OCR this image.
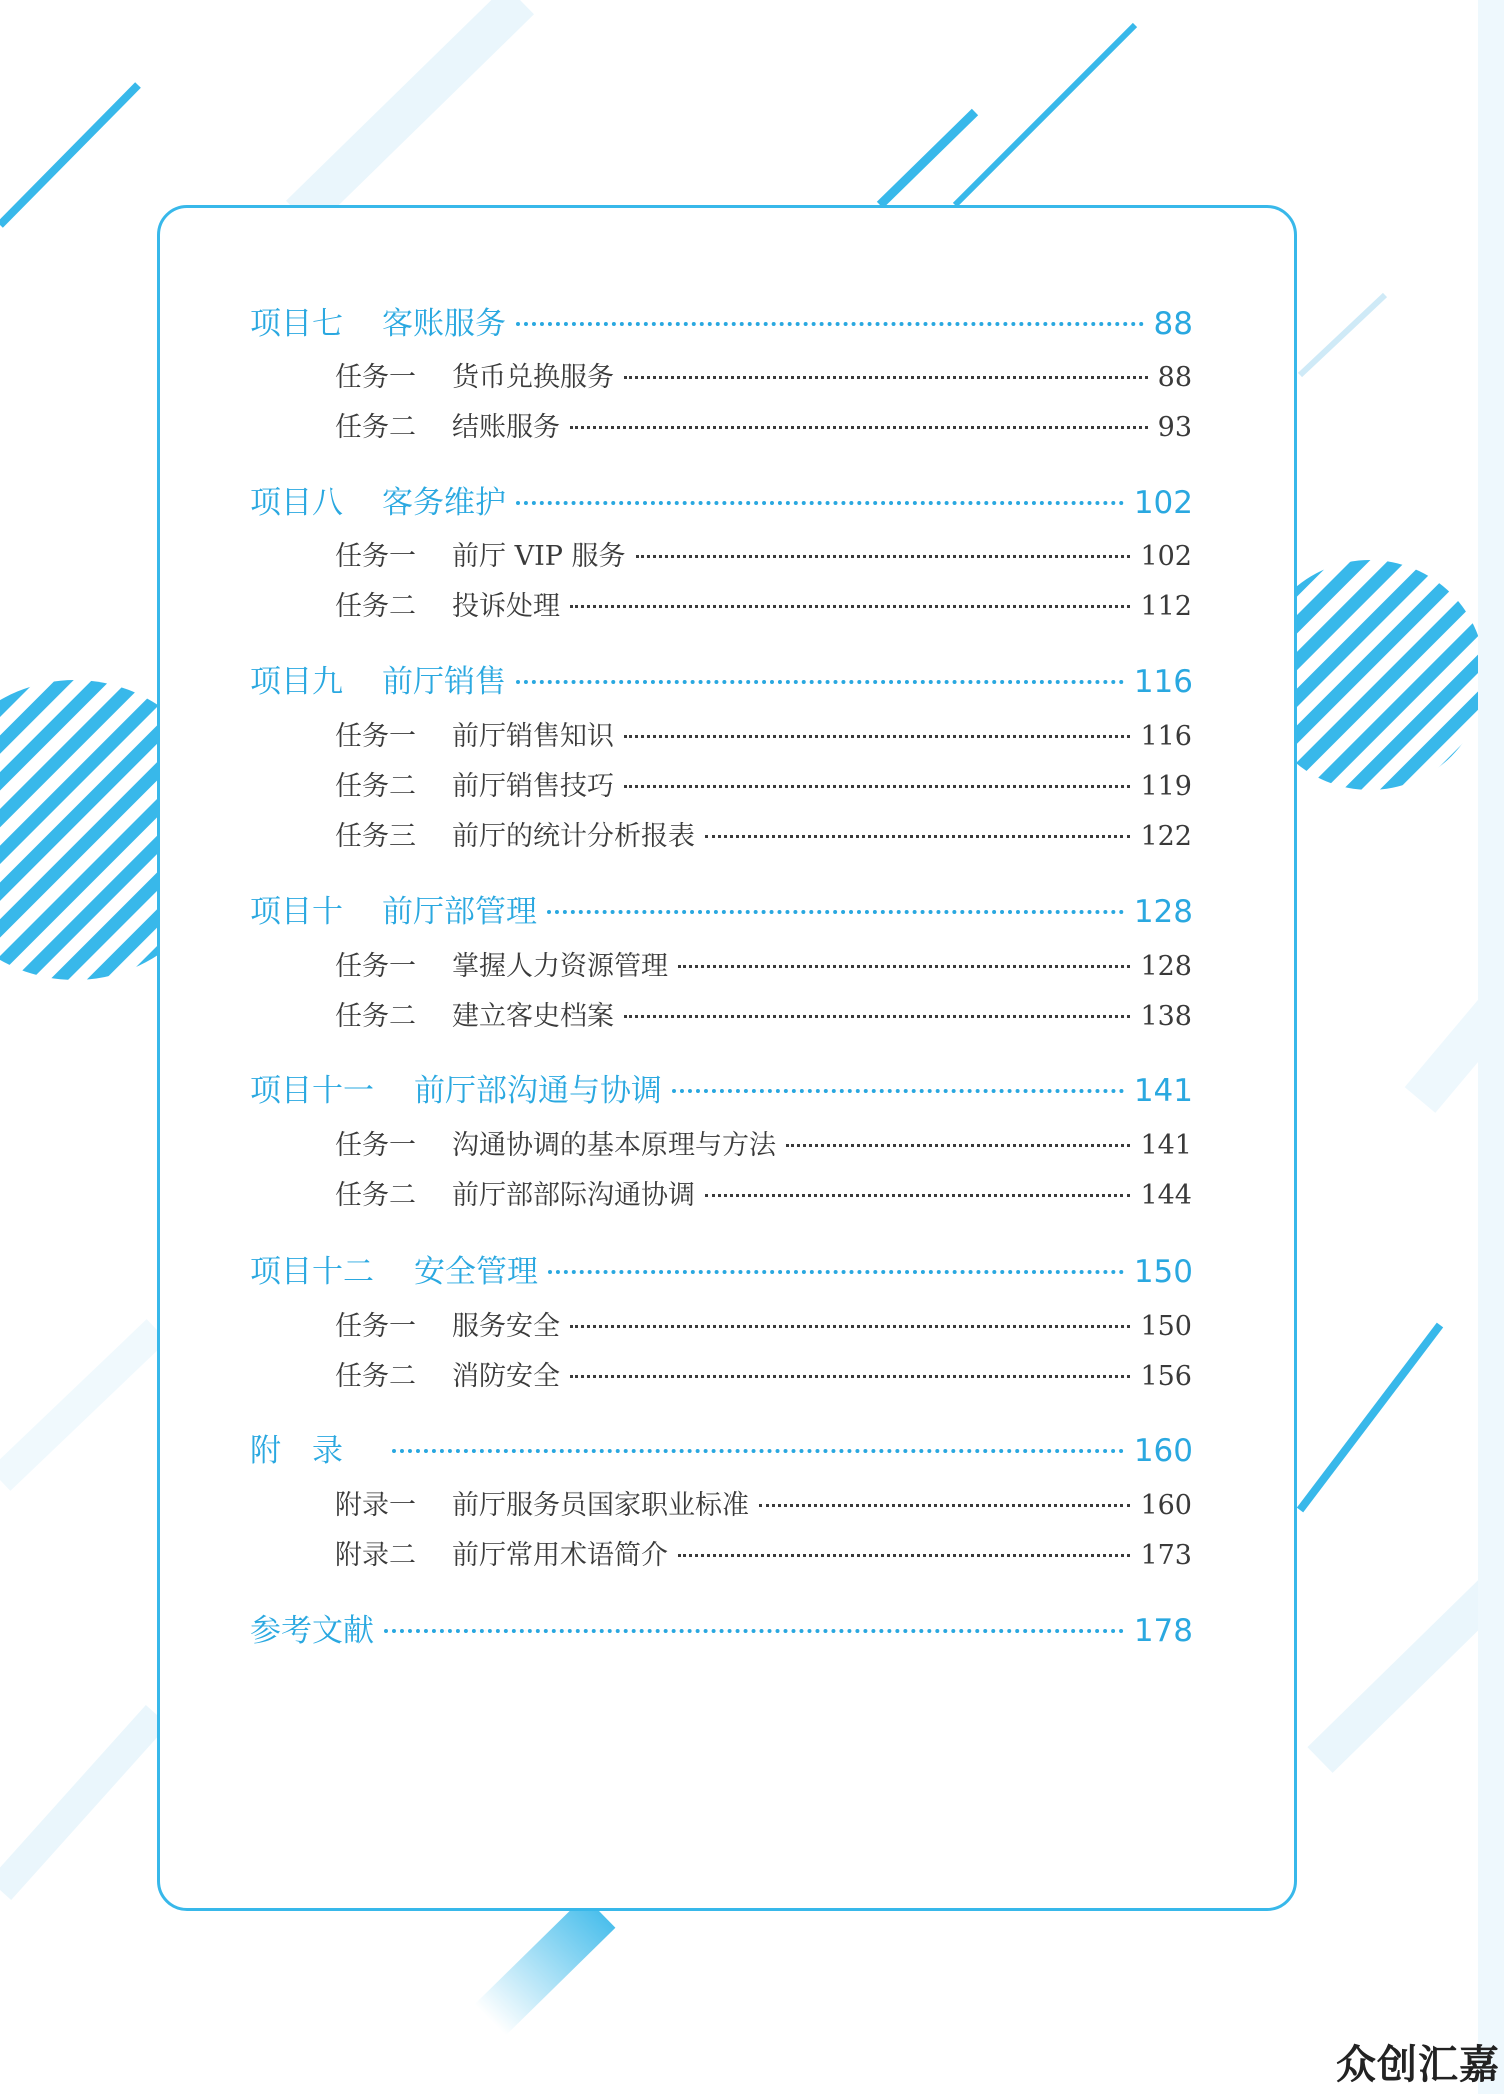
项目七	客账服务	88
任务一	货币兑换服务	88
任务二	结账服务	93
项目八	客务维护	102
任务一	前厅 VIP 服务	102
任务二	投诉处理	112
项目九	前厅销售	116
任务一	前厅销售知识	116
任务二	前厅销售技巧	119
任务三	前厅的统计分析报表	122
项目十	前厅部管理	128
任务一	掌握人力资源管理	128
任务二	建立客史档案	138
项目十一	前厅部沟通与协调	141
任务一	沟通协调的基本原理与方法	141
任务二	前厅部部际沟通协调	144
项目十二	安全管理	150
任务一	服务安全	150
任务二	消防安全	156
附　录	160
附录一	前厅服务员国家职业标准	160
附录二	前厅常用术语简介	173
参考文献	178
众创汇嘉
